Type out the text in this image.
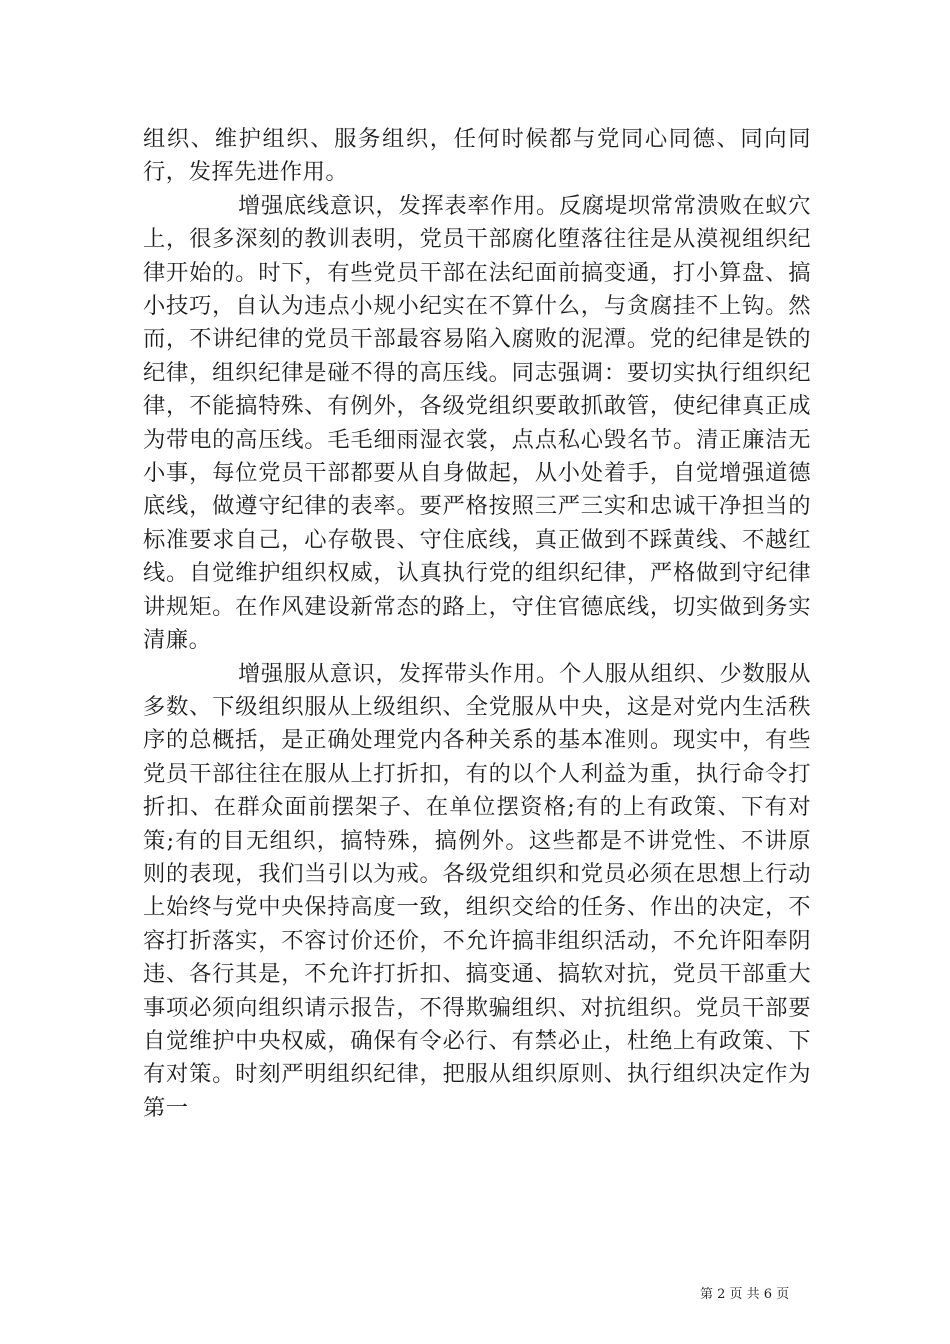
组织、维护组织、服务组织，任何时候都与党同心同德、同向同行，发挥先进作用。

增强底线意识，发挥表率作用。反腐堤坝常常溃败在蚁穴上，很多深刻的教训表明，党员干部腐化堕落往往是从漠视组织纪律开始的。时下，有些党员干部在法纪面前搞变通，打小算盘、搞小技巧，自认为违点小规小纪实在不算什么，与贪腐挂不上钩。然而，不讲纪律的党员干部最容易陷入腐败的泥潭。党的纪律是铁的纪律，组织纪律是碰不得的高压线。同志强调：要切实执行组织纪律，不能搞特殊、有例外，各级党组织要敢抓敢管，使纪律真正成为带电的高压线。毛毛细雨湿衣裳，点点私心毁名节。清正廉洁无小事，每位党员干部都要从自身做起，从小处着手，自觉增强道德底线，做遵守纪律的表率。要严格按照三严三实和忠诚干净担当的标准要求自己，心存敬畏、守住底线，真正做到不踩黄线、不越红线。自觉维护组织权威，认真执行党的组织纪律，严格做到守纪律讲规矩。在作风建设新常态的路上，守住官德底线，切实做到务实清廉。

增强服从意识，发挥带头作用。个人服从组织、少数服从多数、下级组织服从上级组织、全党服从中央，这是对党内生活秩序的总概括，是正确处理党内各种关系的基本准则。现实中，有些党员干部往往在服从上打折扣，有的以个人利益为重，执行命令打折扣、在群众面前摆架子、在单位摆资格;有的上有政策、下有对策;有的目无组织，搞特殊，搞例外。这些都是不讲党性、不讲原则的表现，我们当引以为戒。各级党组织和党员必须在思想上行动上始终与党中央保持高度一致，组织交给的任务、作出的决定，不容打折落实，不容讨价还价，不允许搞非组织活动，不允许阳奉阴违、各行其是，不允许打折扣、搞变通、搞软对抗，党员干部重大事项必须向组织请示报告，不得欺骗组织、对抗组织。党员干部要自觉维护中央权威，确保有令必行、有禁必止，杜绝上有政策、下有对策。时刻严明组织纪律，把服从组织原则、执行组织决定作为第一

第 2 页 共 6 页
